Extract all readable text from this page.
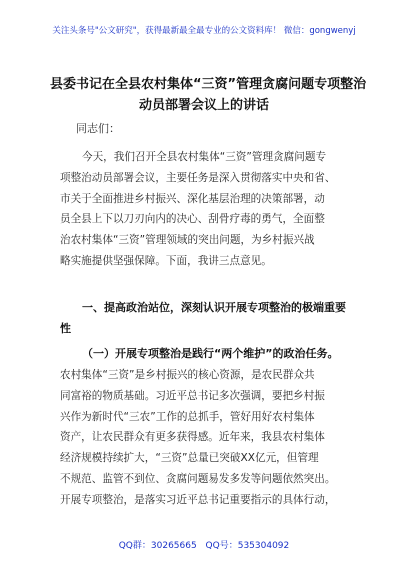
关注头条号"公文研究"，获得最新最全最专业的公文资料库！ 微信：gongwenyj
县委书记在全县农村集体“三资”管理贪腐问题专项整治
动员部署会议上的讲话
同志们：
今天，我们召开全县农村集体“三资”管理贪腐问题专
项整治动员部署会议，主要任务是深入贯彻落实中央和省、
市关于全面推进乡村振兴、深化基层治理的决策部署，动
员全县上下以刀刃向内的决心、刮骨疗毒的勇气，全面整
治农村集体“三资”管理领域的突出问题，为乡村振兴战
略实施提供坚强保障。下面，我讲三点意见。
一、提高政治站位，深刻认识开展专项整治的极端重要
性
（一）开展专项整治是践行“两个维护”的政治任务。
农村集体“三资”是乡村振兴的核心资源，是农民群众共
同富裕的物质基础。习近平总书记多次强调，要把乡村振
兴作为新时代“三农”工作的总抓手，管好用好农村集体
资产，让农民群众有更多获得感。近年来，我县农村集体
经济规模持续扩大，“三资”总量已突破XX亿元，但管理
不规范、监管不到位、贪腐问题易发多发等问题依然突出。
开展专项整治，是落实习近平总书记重要指示的具体行动，
QQ群：30265665 QQ号：535304092
